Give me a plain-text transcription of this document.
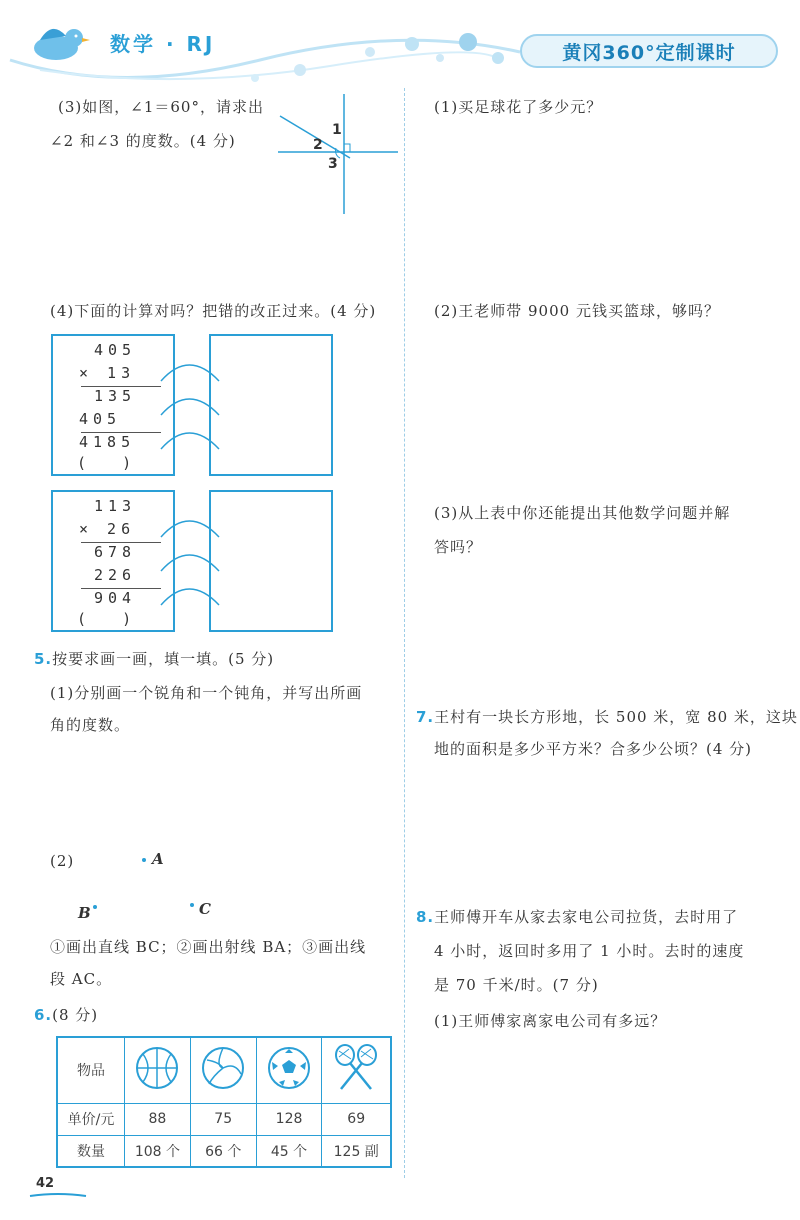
数学 · RJ	黄冈360°定制课时
(3)如图，∠1＝60°，请求出
∠2 和∠3 的度数。(4 分)
1
2
3
(4)下面的计算对吗？把错的改正过来。(4 分)
405
× 13
135
405
4185
(    )
113
× 26
678
226
904
(    )
5.按要求画一画，填一填。(5 分)
(1)分别画一个锐角和一个钝角，并写出所画
角的度数。
(2)	A
B	C
①画出直线 BC；②画出射线 BA；③画出线
段 AC。
6.(8 分)
物品				
单价/元	88	75	128	69
数量	108 个	66 个	45 个	125 副
42
(1)买足球花了多少元？
(2)王老师带 9000 元钱买篮球，够吗？
(3)从上表中你还能提出其他数学问题并解
答吗？
7.王村有一块长方形地，长 500 米，宽 80 米，这块
地的面积是多少平方米？合多少公顷？(4 分)
8.王师傅开车从家去家电公司拉货，去时用了
4 小时，返回时多用了 1 小时。去时的速度
是 70 千米/时。(7 分)
(1)王师傅家离家电公司有多远？
